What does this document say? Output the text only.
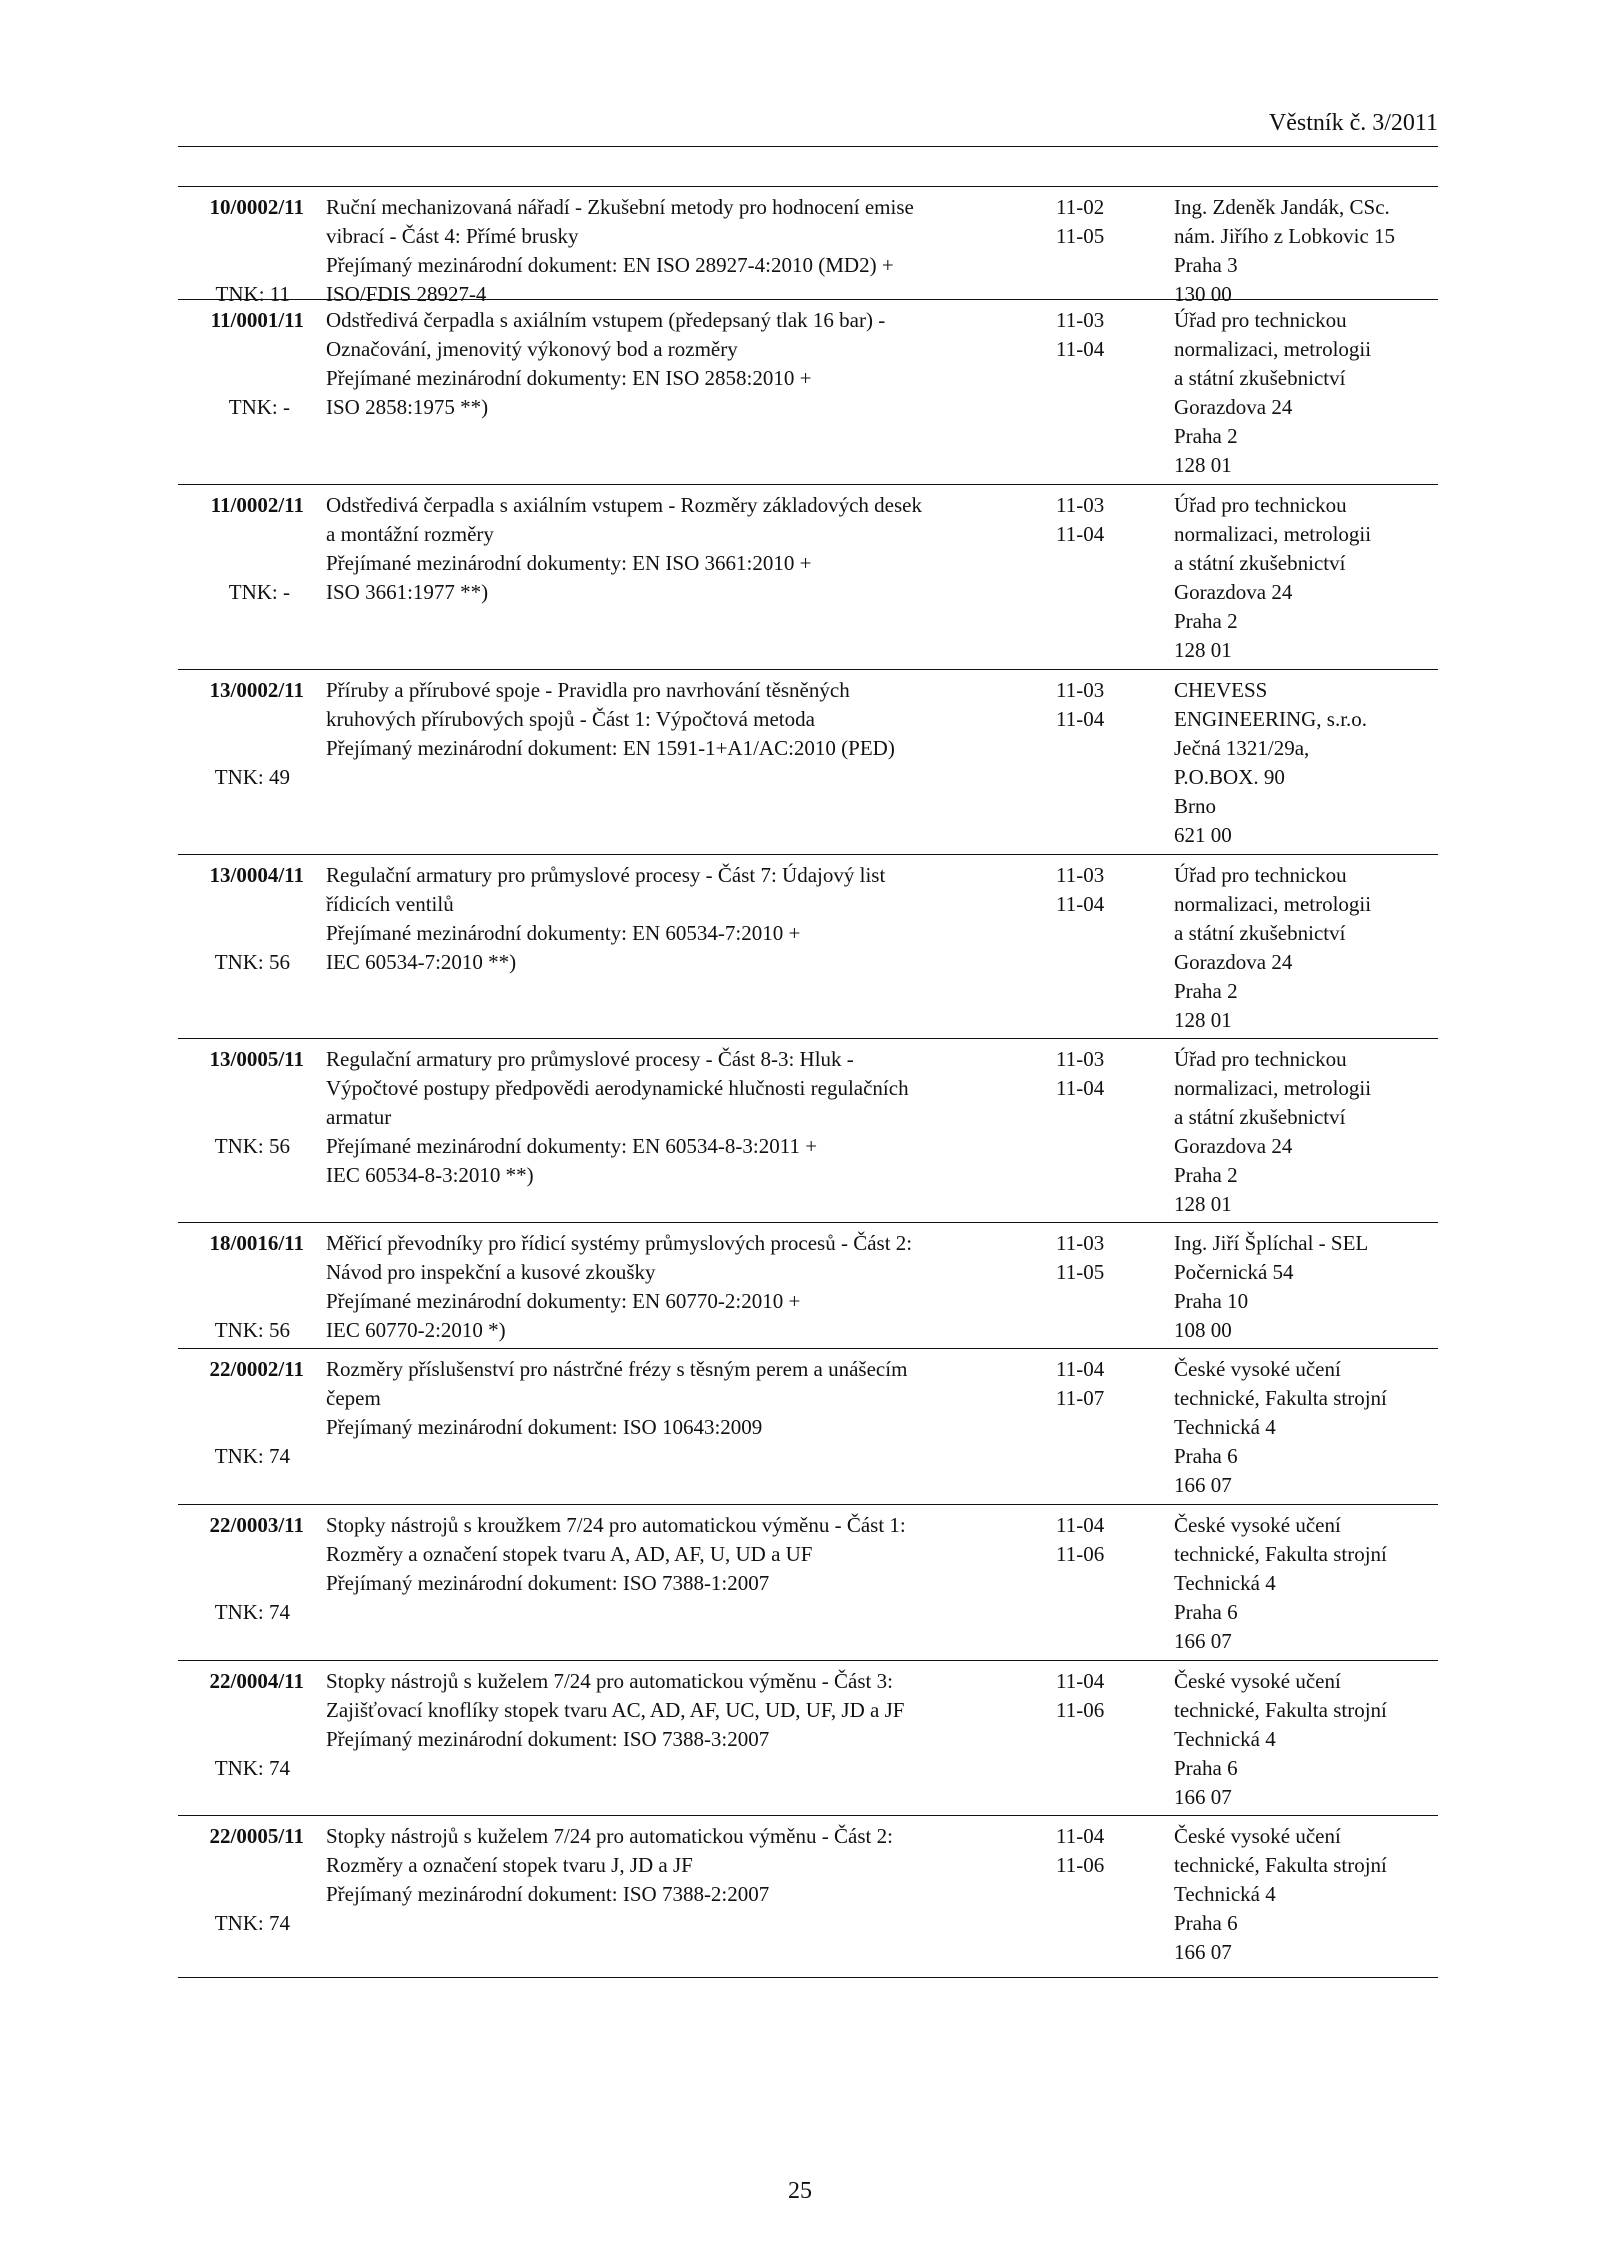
Věstník č. 3/2011
10/0002/11
TNK: 11
Ruční mechanizovaná nářadí - Zkušební metody pro hodnocení emise
vibrací - Část 4: Přímé brusky
Přejímaný mezinárodní dokument: EN ISO 28927-4:2010 (MD2) +
ISO/FDIS 28927-4
11-02
11-05
Ing. Zdeněk Jandák, CSc.
nám. Jiřího z Lobkovic 15
Praha 3
130 00
11/0001/11
TNK: -
Odstředivá čerpadla s axiálním vstupem (předepsaný tlak 16 bar) -
Označování, jmenovitý výkonový bod a rozměry
Přejímané mezinárodní dokumenty: EN ISO 2858:2010 +
ISO 2858:1975 **)
11-03
11-04
Úřad pro technickou
normalizaci, metrologii
a státní zkušebnictví
Gorazdova 24
Praha 2
128 01
11/0002/11
TNK: -
Odstředivá čerpadla s axiálním vstupem - Rozměry základových desek
a montážní rozměry
Přejímané mezinárodní dokumenty: EN ISO 3661:2010 +
ISO 3661:1977 **)
11-03
11-04
Úřad pro technickou
normalizaci, metrologii
a státní zkušebnictví
Gorazdova 24
Praha 2
128 01
13/0002/11
TNK: 49
Příruby a přírubové spoje - Pravidla pro navrhování těsněných
kruhových přírubových spojů - Část 1: Výpočtová metoda
Přejímaný mezinárodní dokument: EN 1591-1+A1/AC:2010 (PED)
11-03
11-04
CHEVESS
ENGINEERING, s.r.o.
Ječná 1321/29a,
P.O.BOX. 90
Brno
621 00
13/0004/11
TNK: 56
Regulační armatury pro průmyslové procesy - Část 7: Údajový list
řídicích ventilů
Přejímané mezinárodní dokumenty: EN 60534-7:2010 +
IEC 60534-7:2010 **)
11-03
11-04
Úřad pro technickou
normalizaci, metrologii
a státní zkušebnictví
Gorazdova 24
Praha 2
128 01
13/0005/11
TNK: 56
Regulační armatury pro průmyslové procesy - Část 8-3: Hluk -
Výpočtové postupy předpovědi aerodynamické hlučnosti regulačních
armatur
Přejímané mezinárodní dokumenty: EN 60534-8-3:2011 +
IEC 60534-8-3:2010 **)
11-03
11-04
Úřad pro technickou
normalizaci, metrologii
a státní zkušebnictví
Gorazdova 24
Praha 2
128 01
18/0016/11
TNK: 56
Měřicí převodníky pro řídicí systémy průmyslových procesů - Část 2:
Návod pro inspekční a kusové zkoušky
Přejímané mezinárodní dokumenty: EN 60770-2:2010 +
IEC 60770-2:2010 *)
11-03
11-05
Ing. Jiří Šplíchal - SEL
Počernická 54
Praha 10
108 00
22/0002/11
TNK: 74
Rozměry příslušenství pro nástrčné frézy s těsným perem a unášecím
čepem
Přejímaný mezinárodní dokument: ISO 10643:2009
11-04
11-07
České vysoké učení
technické, Fakulta strojní
Technická 4
Praha 6
166 07
22/0003/11
TNK: 74
Stopky nástrojů s kroužkem 7/24 pro automatickou výměnu - Část 1:
Rozměry a označení stopek tvaru A, AD, AF, U, UD a UF
Přejímaný mezinárodní dokument: ISO 7388-1:2007
11-04
11-06
České vysoké učení
technické, Fakulta strojní
Technická 4
Praha 6
166 07
22/0004/11
TNK: 74
Stopky nástrojů s kuželem 7/24 pro automatickou výměnu - Část 3:
Zajišťovací knoflíky stopek tvaru AC, AD, AF, UC, UD, UF, JD a JF
Přejímaný mezinárodní dokument: ISO 7388-3:2007
11-04
11-06
České vysoké učení
technické, Fakulta strojní
Technická 4
Praha 6
166 07
22/0005/11
TNK: 74
Stopky nástrojů s kuželem 7/24 pro automatickou výměnu - Část 2:
Rozměry a označení stopek tvaru J, JD a JF
Přejímaný mezinárodní dokument: ISO 7388-2:2007
11-04
11-06
České vysoké učení
technické, Fakulta strojní
Technická 4
Praha 6
166 07
25
